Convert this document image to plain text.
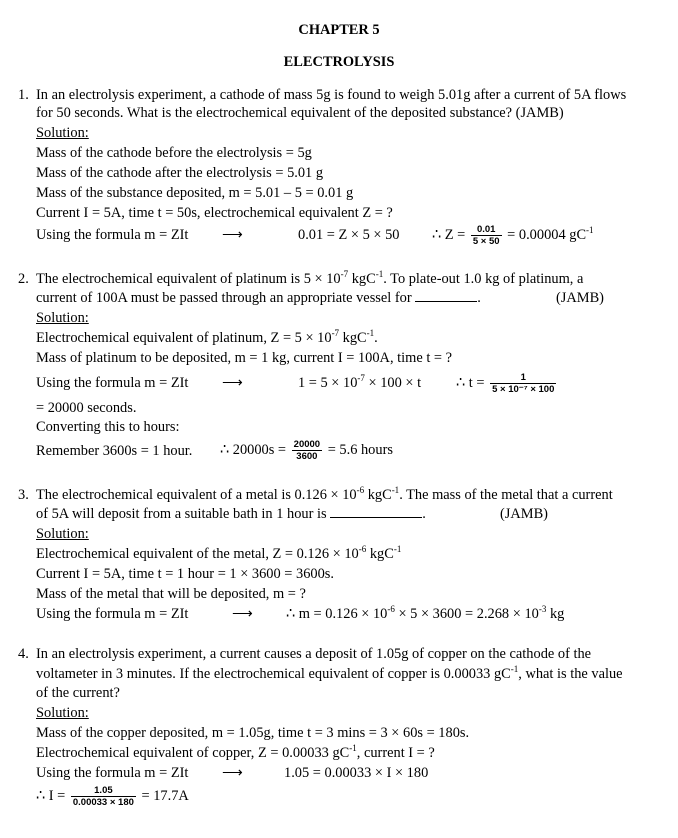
CHAPTER 5
ELECTROLYSIS
1. In an electrolysis experiment, a cathode of mass 5g is found to weigh 5.01g after a current of 5A flows
for 50 seconds. What is the electrochemical equivalent of the deposited substance? (JAMB)
Solution:
Mass of the cathode before the electrolysis = 5g
Mass of the cathode after the electrolysis = 5.01 g
Mass of the substance deposited, m = 5.01 – 5 = 0.01 g
Current I = 5A, time t = 50s, electrochemical equivalent Z = ?
Using the formula m = ZIt ⟶	0.01 = Z × 5 × 50 ∴ $Z = \frac{0.01}{5 \times 50} = 0.00004$ $gC^{-1}$
2. The electrochemical equivalent of platinum is $5 \times 10^{-7}$ kgC$^{-1}$. To plate-out 1.0 kg of platinum, a
current of 100A must be passed through an appropriate vessel for	.	(JAMB)
Solution:
Electrochemical equivalent of platinum, $Z = 5 \times 10^{-7}$ kgC$^{-1}$.
Mass of platinum to be deposited, m = 1 kg, current I = 100A, time t = ?
Using the formula m = ZIt ⟶	$1 = 5 \times 10^{-7} \times 100 \times t$ ∴ $t = \frac{1}{\text{5 × 10⁻⁷ × 100}}$
= 20000 seconds.
Converting this to hours:
Remember 3600s = 1 hour. ∴ $20000s = \frac{20000}{3600} = 5.6$ hours
3. The electrochemical equivalent of a metal is $0.126 \times 10^{-6}$ kgC$^{-1}$. The mass of the metal that a current
of 5A will deposit from a suitable bath in 1 hour is	.	(JAMB)
Solution:
Electrochemical equivalent of the metal, $Z = 0.126 \times 10^{-6}$ kgC$^{-1}$
Current I = 5A, time t = 1 hour = 1 × 3600 = 3600s.
Mass of the metal that will be deposited, m = ?
Using the formula m = ZIt	⟶ ∴ $m = 0.126 \times 10^{-6} \times 5 \times 3600 = 2.268 \times 10^{-3}$ kg
4. In an electrolysis experiment, a current causes a deposit of 1.05g of copper on the cathode of the
voltameter in 3 minutes. If the electrochemical equivalent of copper is 0.00033 $gC^{-1}$, what is the value
of the current?
Solution:
Mass of the copper deposited, m = 1.05g, time t = 3 mins = 3 × 60s = 180s.
Electrochemical equivalent of copper, Z = 0.00033 $gC^{-1}$, current I = ?
Using the formula m = ZIt ⟶	1.05 = 0.00033 × I × 180
∴ $I = \frac{1.05}{0.00033 \times 180} = 17.7A$
